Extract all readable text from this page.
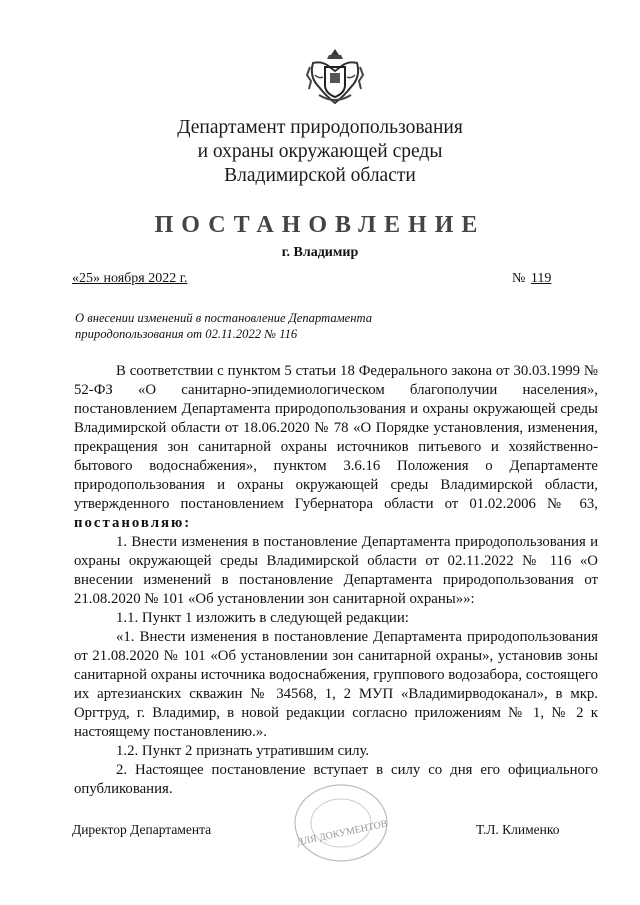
Департамент природопользования
и охраны окружающей среды
Владимирской области
ПОСТАНОВЛЕНИЕ
г. Владимир
«25» ноября 2022 г.	№ 119
О внесении изменений в постановление Департамента
природопользования от 02.11.2022 № 116
В соответствии с пунктом 5 статьи 18 Федерального закона от 30.03.1999 № 52-ФЗ «О санитарно-эпидемиологическом благополучии населения», постановлением Департамента природопользования и охраны окружающей среды Владимирской области от 18.06.2020 № 78 «О Порядке установления, изменения, прекращения зон санитарной охраны источников питьевого и хозяйственно-бытового водоснабжения», пунктом 3.6.16 Положения о Департаменте природопользования и охраны окружающей среды Владимирской области, утвержденного постановлением Губернатора области от 01.02.2006 № 63, постановляю:
1. Внести изменения в постановление Департамента природопользования и охраны окружающей среды Владимирской области от 02.11.2022 № 116 «О внесении изменений в постановление Департамента природопользования от 21.08.2020 № 101 «Об установлении зон санитарной охраны»»:
1.1. Пункт 1 изложить в следующей редакции:
«1. Внести изменения в постановление Департамента природопользования от 21.08.2020 № 101 «Об установлении зон санитарной охраны», установив зоны санитарной охраны источника водоснабжения, группового водозабора, состоящего их артезианских скважин № 34568, 1, 2 МУП «Владимирводоканал», в мкр. Оргтруд, г. Владимир, в новой редакции согласно приложениям № 1, № 2 к настоящему постановлению.».
1.2. Пункт 2 признать утратившим силу.
2. Настоящее постановление вступает в силу со дня его официального опубликования.
ДЛЯ ДОКУМЕНТОВ
Директор Департамента	Т.Л. Клименко
